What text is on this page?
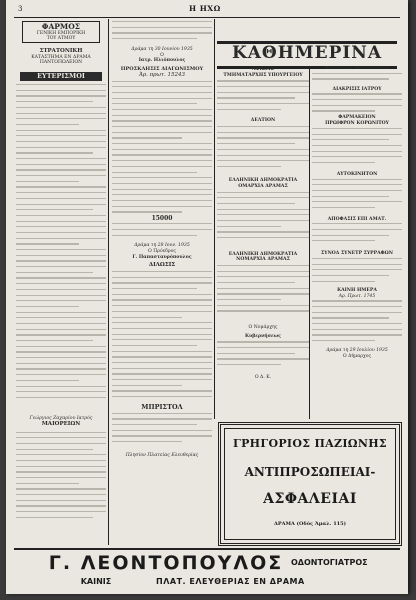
3	Η ΗΧΩ
ΦΑΡΜΟΣ
ΓΕΝΙΚΗ ΕΜΠΟΡΙΚΗ
ΤΟΥ ΑΤΜΟΥ
ΣΤΡΑΤΟΝΙΚΗ
ΚΑΤΑΣΤΗΜΑ ΕΝ ΔΡΑΜΑ
ΠΑΝΤΟΠΩΛΕΙΟΝ
ΕΥΤΕΡΙΣΜΟΙ
Γεώργιος Ζαχαρίου Ιατρός
ΜΑΙΟΡΕΙΩΝ
Δράμα τη 30 Ιουνίου 1935
Ο
Ιατρ. Ηλιόπουλος
ΠΡΟΣΚΛΗΣΙΣ ΔΙΑΓΩΝΙΣΜΟΥ
Άρ. πρωτ. 15243
15000
Δράμα τη 28 Ιουν. 1935
Ο Πρόεδρος
Γ. Παπασταυρόπουλος
ΔΙΛΩΣΙΣ
ΜΠΡΙΣΤΟΛ
Πλησίον Πλατείας Ελευθερίας
ΚΑΘΗΜΕΡΙΝΑ
ΑΦΙΞΕΙΣ
ΤΜΗΜΑΤΑΡΧΗΣ ΥΠΟΥΡΓΕΙΟΥ
ΔΕΛΤΙΟΝ
ΕΛΛΗΝΙΚΗ ΔΗΜΟΚΡΑΤΙΑ
ΟΜΑΡΧΙΑ ΔΡΑΜΑΣ
ΕΛΛΗΝΙΚΗ ΔΗΜΟΚΡΑΤΙΑ
ΝΟΜΑΡΧΙΑ ΔΡΑΜΑΣ
Ο Νομάρχης
Κυβερνήσεως
Ο Δ. Κ.
ΦΑΜΑΚΟΣ ΔΡΑΜΑΤΙΚΟΣ
ΔΙΑΚΡΙΣΙΣ ΙΑΤΡΟΥ
ΦΑΡΜΑΚΕΙΟΝ
ΠΡΩΙΦΡΟΝ ΚΟΡΩΝΙΤΟΥ
ΑΥΤΟΚΙΝΗΤΟΝ
ΑΠΟΦΑΣΙΣ ΕΠΙ ΑΜΑΤ.
ΣΥΝΟΔ ΣΥΝΕΤΡ ΣΥΡΡΑΦΩΝ
ΚΑΙΝΗ ΗΜΕΡΑ
Αρ. Πρωτ. 1745
Δράμα τη 29 Ιουλίου 1935
Ο Δήμαρχος
ΓΡΗΓΟΡΙΟΣ ΠΑΖΙΩΝΗΣ
ΑΝΤΙΠΡΟΣΩΠΕΙΑΙ-
ΑΣΦΑΛΕΙΑΙ
ΔΡΑΜΑ (Οδός Άμαλ. 115)
Γ. ΛΕΟΝΤΟΠΟΥΛΟΣ ΟΔΟΝΤΟΓΙΑΤΡΟΣ
ΚΑΙΝΙΣ	ΠΛΑΤ. ΕΛΕΥΘΕΡΙΑΣ ΕΝ ΔΡΑΜΑ
